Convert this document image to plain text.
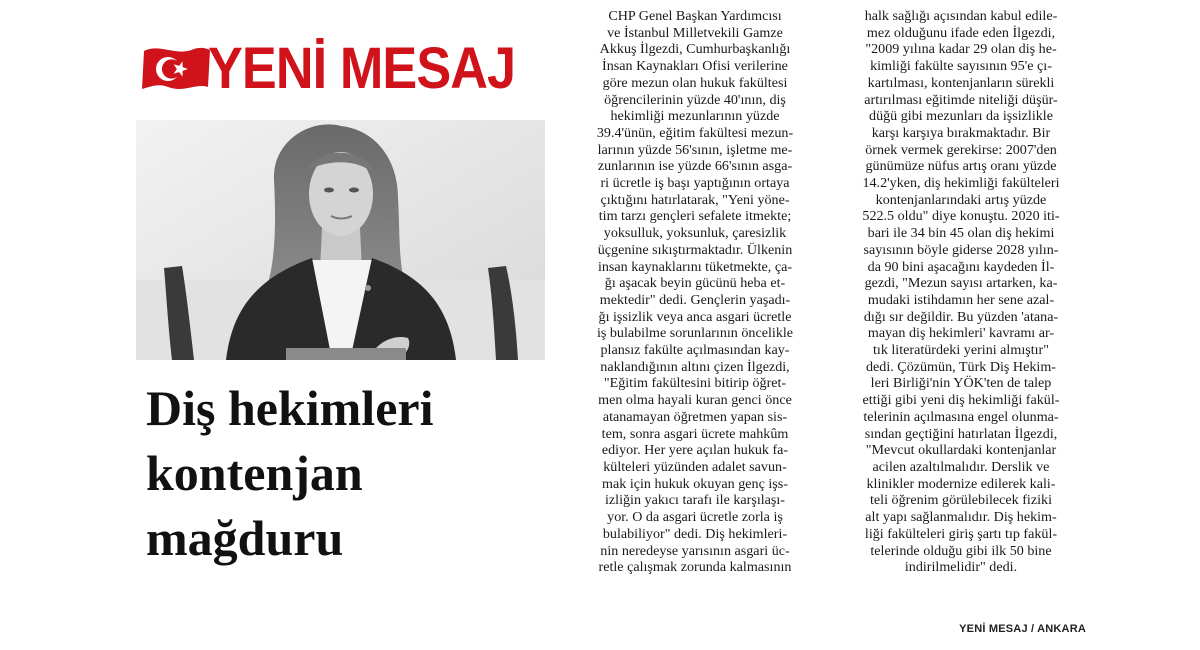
YENİ MESAJ
Diş hekimleri
kontenjan
mağduru
CHP Genel Başkan Yardımcısı
ve İstanbul Milletvekili Gamze
Akkuş İlgezdi, Cumhurbaşkanlığı
İnsan Kaynakları Ofisi verilerine
göre mezun olan hukuk fakültesi
öğrencilerinin yüzde 40'ının, diş
hekimliği mezunlarının yüzde
39.4'ünün, eğitim fakültesi mezun-
larının yüzde 56'sının, işletme me-
zunlarının ise yüzde 66'sının asga-
ri ücretle iş başı yaptığının ortaya
çıktığını hatırlatarak, "Yeni yöne-
tim tarzı gençleri sefalete itmekte;
yoksulluk, yoksunluk, çaresizlik
üçgenine sıkıştırmaktadır. Ülkenin
insan kaynaklarını tüketmekte, ça-
ğı aşacak beyin gücünü heba et-
mektedir" dedi. Gençlerin yaşadı-
ğı işsizlik veya anca asgari ücretle
iş bulabilme sorunlarının öncelikle
plansız fakülte açılmasından kay-
naklandığının altını çizen İlgezdi,
"Eğitim fakültesini bitirip öğret-
men olma hayali kuran genci önce
atanamayan öğretmen yapan sis-
tem, sonra asgari ücrete mahkûm
ediyor. Her yere açılan hukuk fa-
külteleri yüzünden adalet savun-
mak için hukuk okuyan genç işs-
izliğin yakıcı tarafı ile karşılaşı-
yor. O da asgari ücretle zorla iş
bulabiliyor" dedi. Diş hekimleri-
nin neredeyse yarısının asgari üc-
retle çalışmak zorunda kalmasının
halk sağlığı açısından kabul edile-
mez olduğunu ifade eden İlgezdi,
"2009 yılına kadar 29 olan diş he-
kimliği fakülte sayısının 95'e çı-
kartılması, kontenjanların sürekli
artırılması eğitimde niteliği düşür-
düğü gibi mezunları da işsizlikle
karşı karşıya bırakmaktadır. Bir
örnek vermek gerekirse: 2007'den
günümüze nüfus artış oranı yüzde
14.2'yken, diş hekimliği fakülteleri
kontenjanlarındaki artış yüzde
522.5 oldu" diye konuştu. 2020 iti-
bari ile 34 bin 45 olan diş hekimi
sayısının böyle giderse 2028 yılın-
da 90 bini aşacağını kaydeden İl-
gezdi, "Mezun sayısı artarken, ka-
mudaki istihdamın her sene azal-
dığı sır değildir. Bu yüzden 'atana-
mayan diş hekimleri' kavramı ar-
tık literatürdeki yerini almıştır"
dedi. Çözümün, Türk Diş Hekim-
leri Birliği'nin YÖK'ten de talep
ettiği gibi yeni diş hekimliği fakül-
telerinin açılmasına engel olunma-
sından geçtiğini hatırlatan İlgezdi,
"Mevcut okullardaki kontenjanlar
acilen azaltılmalıdır. Derslik ve
klinikler modernize edilerek kali-
teli öğrenim görülebilecek fiziki
alt yapı sağlanmalıdır. Diş hekim-
liği fakülteleri giriş şartı tıp fakül-
telerinde olduğu gibi ilk 50 bine
indirilmelidir" dedi.
YENİ MESAJ / ANKARA
